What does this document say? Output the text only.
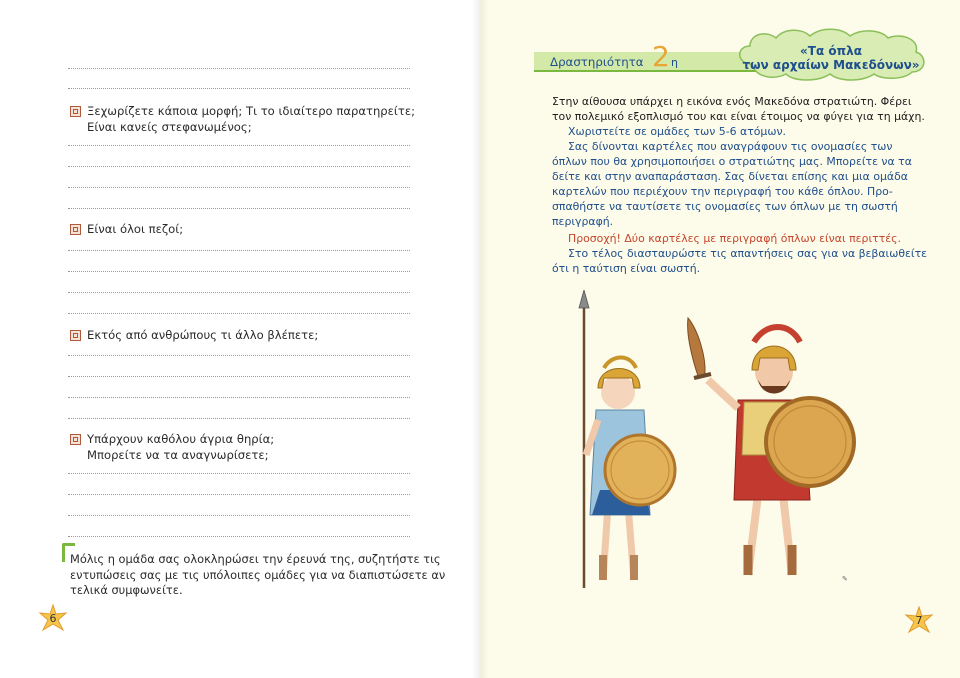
Ξεχωρίζετε κάποια μορφή; Τι το ιδιαίτερο παρατηρείτε;
Είναι κανείς στεφανωμένος;
Είναι όλοι πεζοί;
Εκτός από ανθρώπους τι άλλο βλέπετε;
Υπάρχουν καθόλου άγρια θηρία;
Μπορείτε να τα αναγνωρίσετε;
Μόλις η ομάδα σας ολοκληρώσει την έρευνά της, συζητήστε τις
εντυπώσεις σας με τις υπόλοιπες ομάδες για να διαπιστώσετε αν
τελικά συμφωνείτε.
6
Δραστηριότητα 2 η
«Τα όπλα
των αρχαίων Μακεδόνων»
Στην αίθουσα υπάρχει η εικόνα ενός Μακεδόνα στρατιώτη. Φέρει
τον πολεμικό εξοπλισμό του και είναι έτοιμος να φύγει για τη μάχη.
Χωριστείτε σε ομάδες των 5-6 ατόμων.
Σας δίνονται καρτέλες που αναγράφουν τις ονομασίες των
όπλων που θα χρησιμοποιήσει ο στρατιώτης μας. Μπορείτε να τα
δείτε και στην αναπαράσταση. Σας δίνεται επίσης και μια ομάδα
καρτελών που περιέχουν την περιγραφή του κάθε όπλου. Προ-
σπαθήστε να ταυτίσετε τις ονομασίες των όπλων με τη σωστή
περιγραφή.
Προσοχή! Δύο καρτέλες με περιγραφή όπλων είναι περιττές.
Στο τέλος διασταυρώστε τις απαντήσεις σας για να βεβαιωθείτε
ότι η ταύτιση είναι σωστή.
✎
7
